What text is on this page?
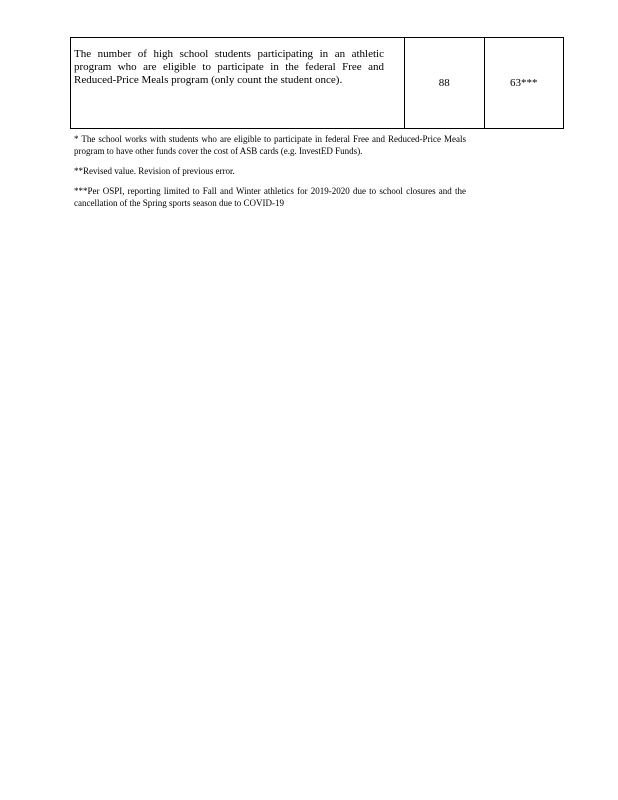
The number of high school students participating in an athletic program who are eligible to participate in the federal Free and Reduced-Price Meals program (only count the student once).	88	63***
* The school works with students who are eligible to participate in federal Free and Reduced-Price Meals program to have other funds cover the cost of ASB cards (e.g. InvestED Funds).
**Revised value. Revision of previous error.
***Per OSPI, reporting limited to Fall and Winter athletics for 2019-2020 due to school closures and the cancellation of the Spring sports season due to COVID-19
